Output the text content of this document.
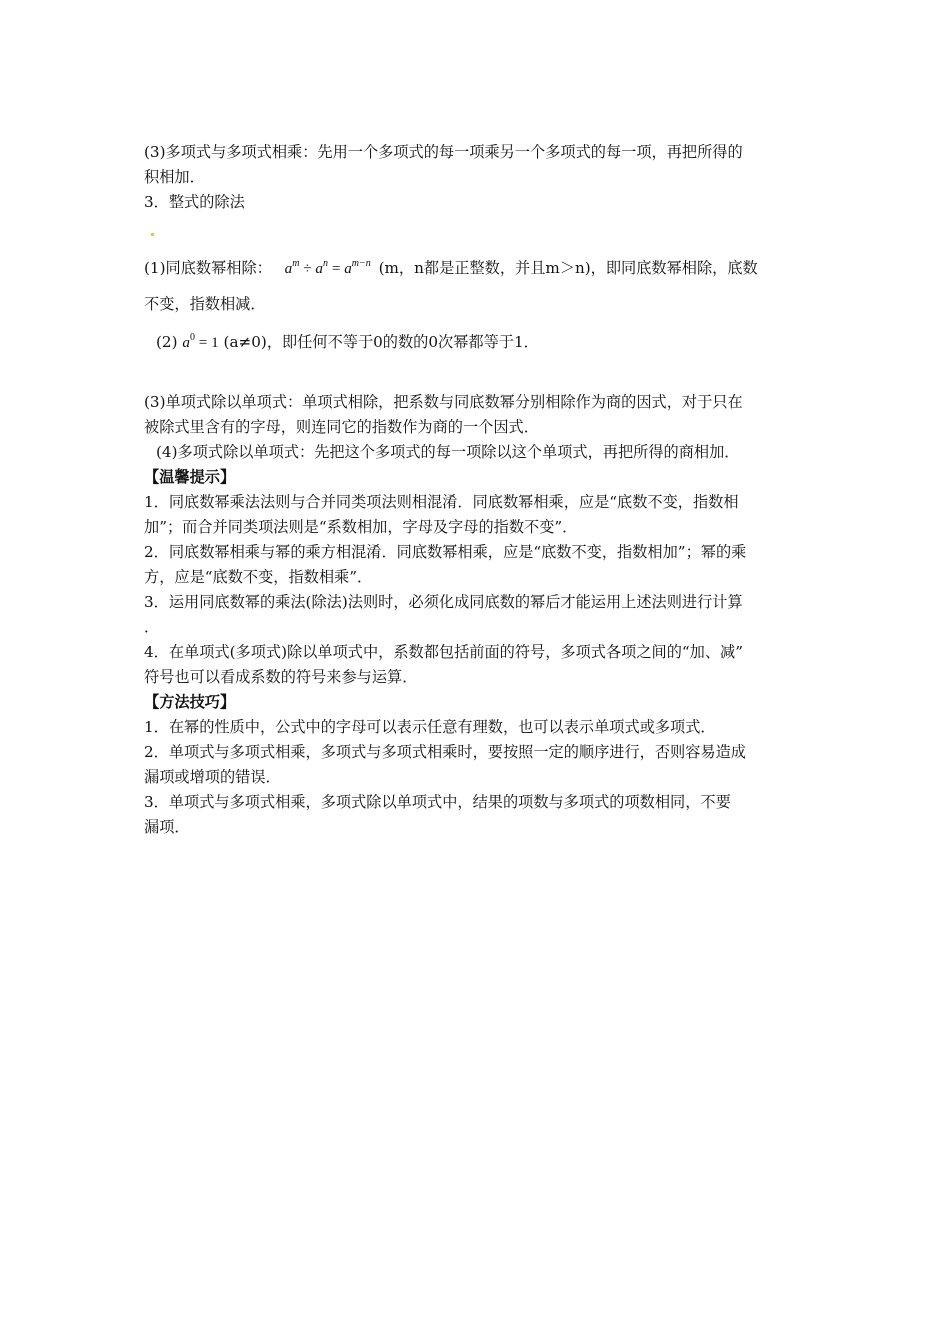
(3)多项式与多项式相乘：先用一个多项式的每一项乘另一个多项式的每一项，再把所得的
积相加．
3．整式的除法
(1)同底数幂相除： $a^m \div a^n = a^{m-n}$ (m，n都是正整数，并且m＞n)，即同底数幂相除，底数
不变，指数相减．
(2) $a^0 = 1$ (a≠0)，即任何不等于0的数的0次幂都等于1．
(3)单项式除以单项式：单项式相除，把系数与同底数幂分别相除作为商的因式，对于只在
被除式里含有的字母，则连同它的指数作为商的一个因式．
(4)多项式除以单项式：先把这个多项式的每一项除以这个单项式，再把所得的商相加．
【温馨提示】
1．同底数幂乘法法则与合并同类项法则相混淆．同底数幂相乘，应是“底数不变，指数相
加”；而合并同类项法则是“系数相加，字母及字母的指数不变”．
2．同底数幂相乘与幂的乘方相混淆．同底数幂相乘，应是“底数不变，指数相加”；幂的乘
方，应是“底数不变，指数相乘”．
3．运用同底数幂的乘法(除法)法则时，必须化成同底数的幂后才能运用上述法则进行计算
．
4．在单项式(多项式)除以单项式中，系数都包括前面的符号，多项式各项之间的“加、减”
符号也可以看成系数的符号来参与运算．
【方法技巧】
1．在幂的性质中，公式中的字母可以表示任意有理数，也可以表示单项式或多项式．
2．单项式与多项式相乘，多项式与多项式相乘时，要按照一定的顺序进行，否则容易造成
漏项或增项的错误．
3．单项式与多项式相乘，多项式除以单项式中，结果的项数与多项式的项数相同，不要
漏项．
